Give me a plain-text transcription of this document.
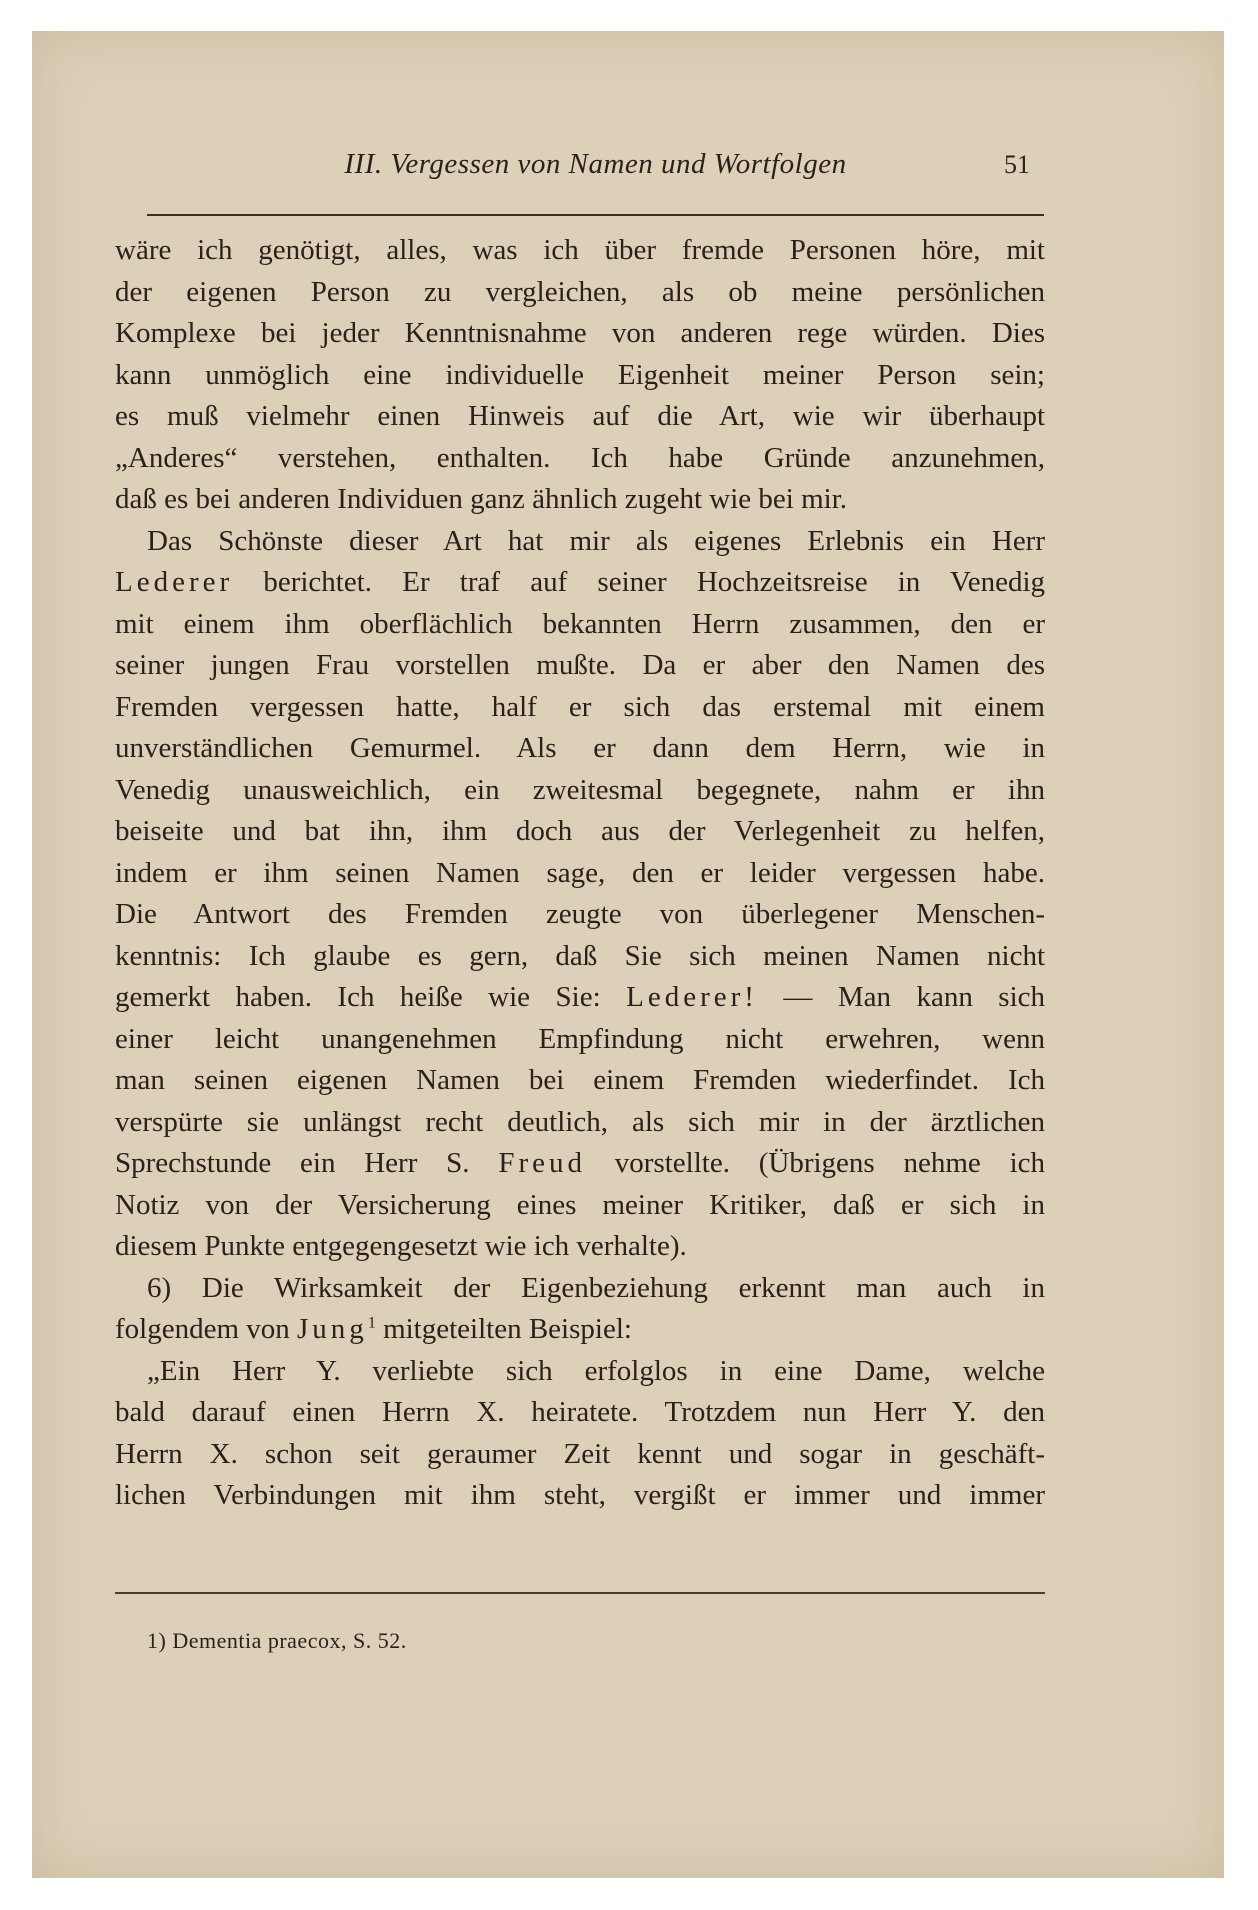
III. Vergessen von Namen und Wortfolgen	51
wäre ich genötigt, alles, was ich über fremde Personen höre, mit
der eigenen Person zu vergleichen, als ob meine persönlichen
Komplexe bei jeder Kenntnisnahme von anderen rege würden. Dies
kann unmöglich eine individuelle Eigenheit meiner Person sein;
es muß vielmehr einen Hinweis auf die Art, wie wir überhaupt
„Anderes“ verstehen, enthalten. Ich habe Gründe anzunehmen,
daß es bei anderen Individuen ganz ähnlich zugeht wie bei mir.
Das Schönste dieser Art hat mir als eigenes Erlebnis ein Herr
Lederer berichtet. Er traf auf seiner Hochzeitsreise in Venedig
mit einem ihm oberflächlich bekannten Herrn zusammen, den er
seiner jungen Frau vorstellen mußte. Da er aber den Namen des
Fremden vergessen hatte, half er sich das erstemal mit einem
unverständlichen Gemurmel. Als er dann dem Herrn, wie in
Venedig unausweichlich, ein zweitesmal begegnete, nahm er ihn
beiseite und bat ihn, ihm doch aus der Verlegenheit zu helfen,
indem er ihm seinen Namen sage, den er leider vergessen habe.
Die Antwort des Fremden zeugte von überlegener Menschen-
kenntnis: Ich glaube es gern, daß Sie sich meinen Namen nicht
gemerkt haben. Ich heiße wie Sie: Lederer! — Man kann sich
einer leicht unangenehmen Empfindung nicht erwehren, wenn
man seinen eigenen Namen bei einem Fremden wiederfindet. Ich
verspürte sie unlängst recht deutlich, als sich mir in der ärztlichen
Sprechstunde ein Herr S. Freud vorstellte. (Übrigens nehme ich
Notiz von der Versicherung eines meiner Kritiker, daß er sich in
diesem Punkte entgegengesetzt wie ich verhalte).
6) Die Wirksamkeit der Eigenbeziehung erkennt man auch in
folgendem von Jung$^1$ mitgeteilten Beispiel:
„Ein Herr Y. verliebte sich erfolglos in eine Dame, welche
bald darauf einen Herrn X. heiratete. Trotzdem nun Herr Y. den
Herrn X. schon seit geraumer Zeit kennt und sogar in geschäft-
lichen Verbindungen mit ihm steht, vergißt er immer und immer
1) Dementia praecox, S. 52.
